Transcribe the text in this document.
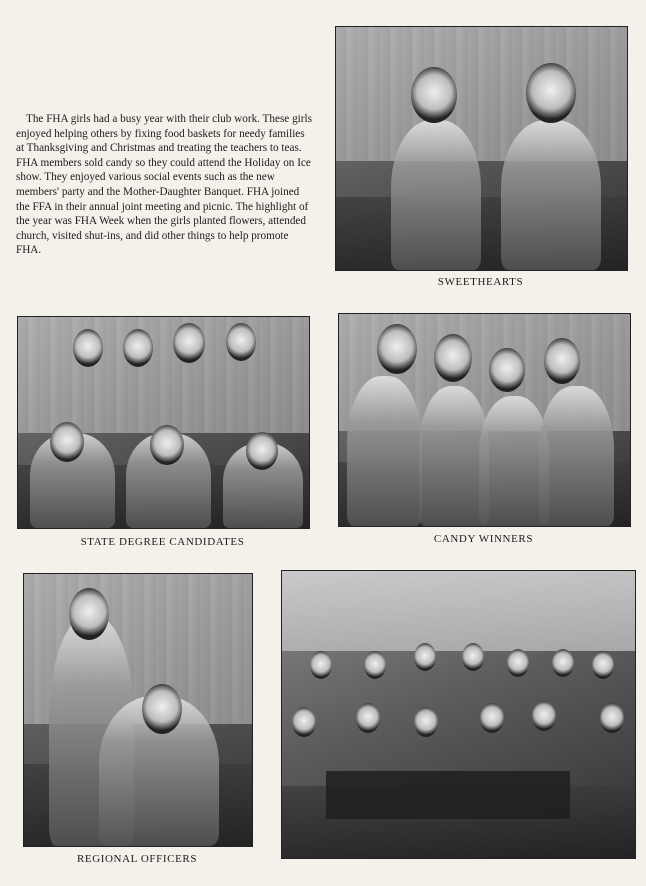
The FHA girls had a busy year with their club work. These girls enjoyed helping others by fixing food baskets for needy families at Thanksgiving and Christmas and treating the teachers to teas. FHA members sold candy so they could attend the Holiday on Ice show. They enjoyed various social events such as the new members' party and the Mother-Daughter Banquet. FHA joined the FFA in their annual joint meeting and picnic. The highlight of the year was FHA Week when the girls planted flowers, attended church, visited shut-ins, and did other things to help promote FHA.
SWEETHEARTS
STATE DEGREE CANDIDATES	CANDY WINNERS
REGIONAL OFFICERS
